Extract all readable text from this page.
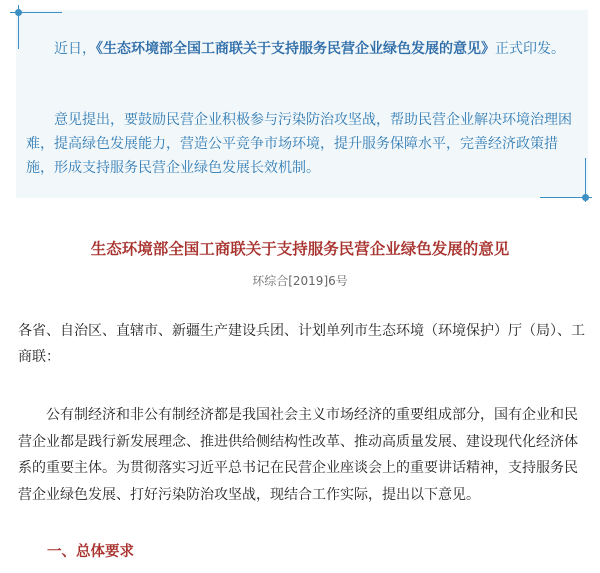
近日，《生态环境部全国工商联关于支持服务民营企业绿色发展的意见》正式印发。

意见提出，要鼓励民营企业积极参与污染防治攻坚战，帮助民营企业解决环境治理困难，提高绿色发展能力，营造公平竞争市场环境，提升服务保障水平，完善经济政策措施，形成支持服务民营企业绿色发展长效机制。

生态环境部全国工商联关于支持服务民营企业绿色发展的意见

环综合[2019]6号

各省、自治区、直辖市、新疆生产建设兵团、计划单列市生态环境（环境保护）厅（局）、工商联：

公有制经济和非公有制经济都是我国社会主义市场经济的重要组成部分，国有企业和民营企业都是践行新发展理念、推进供给侧结构性改革、推动高质量发展、建设现代化经济体系的重要主体。为贯彻落实习近平总书记在民营企业座谈会上的重要讲话精神，支持服务民营企业绿色发展、打好污染防治攻坚战，现结合工作实际，提出以下意见。

一、总体要求
